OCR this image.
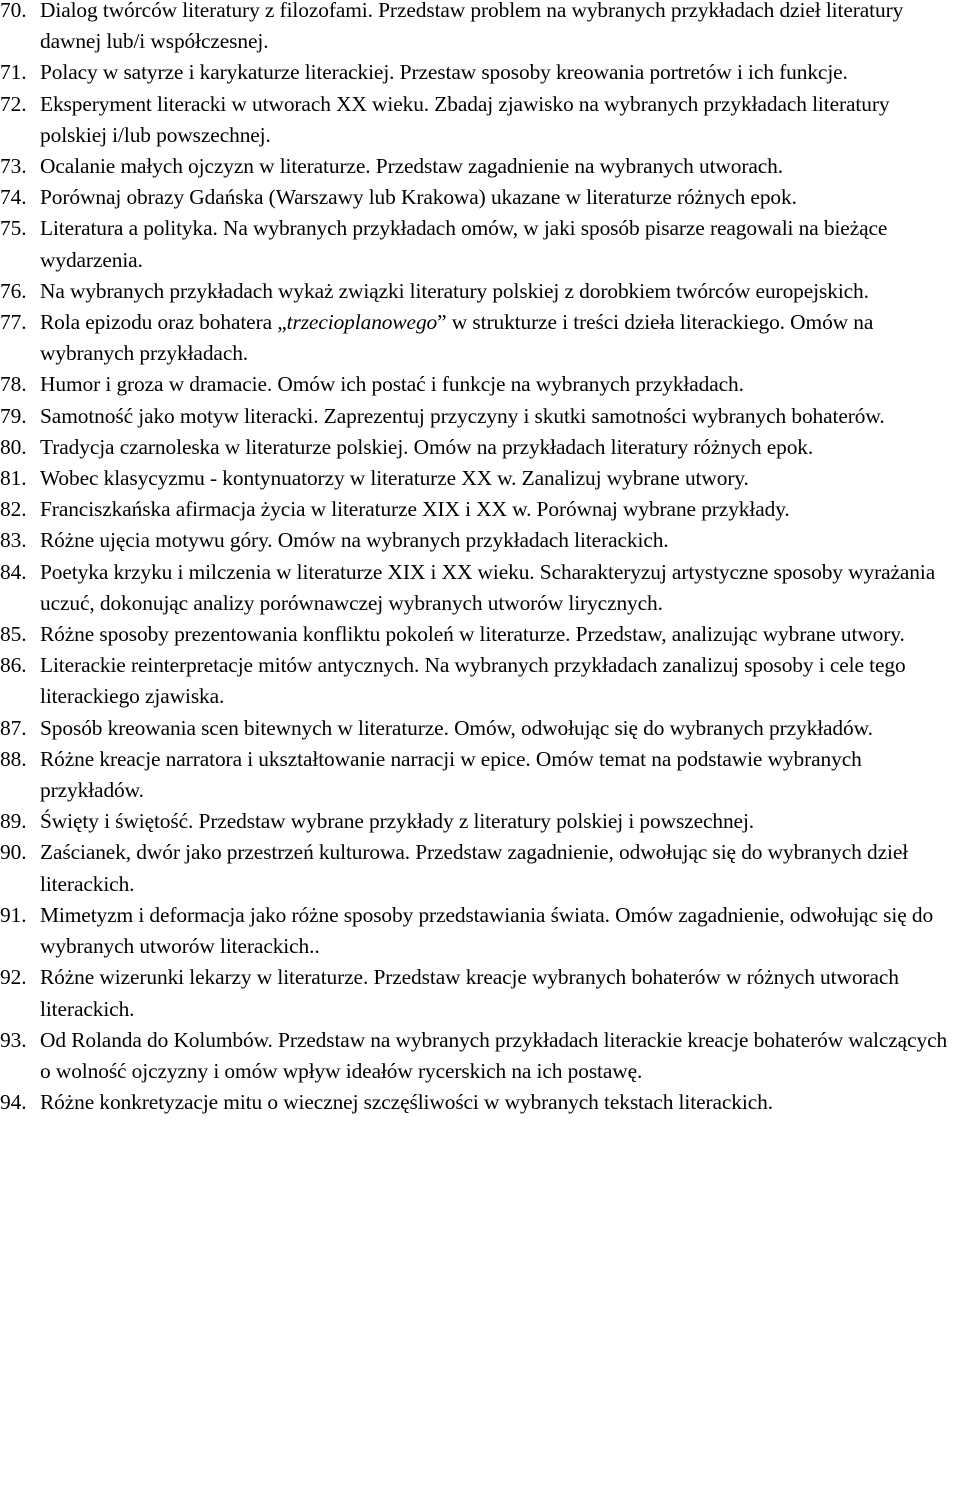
70. Dialog twórców literatury z filozofami. Przedstaw problem na wybranych przykładach dzieł literatury dawnej lub/i współczesnej.
71. Polacy w satyrze i karykaturze literackiej. Przestaw sposoby kreowania portretów i ich funkcje.
72. Eksperyment literacki w utworach XX wieku. Zbadaj zjawisko na wybranych przykładach literatury polskiej i/lub powszechnej.
73. Ocalanie małych ojczyzn w literaturze. Przedstaw zagadnienie na wybranych utworach.
74. Porównaj obrazy Gdańska (Warszawy lub Krakowa) ukazane w literaturze różnych epok.
75. Literatura a polityka. Na wybranych przykładach omów, w jaki sposób pisarze reagowali na bieżące wydarzenia.
76. Na wybranych przykładach wykaż związki literatury polskiej z dorobkiem twórców europejskich.
77. Rola epizodu oraz bohatera „trzecioplanowego” w strukturze i treści dzieła literackiego. Omów na wybranych przykładach.
78. Humor i groza w dramacie. Omów ich postać i funkcje na wybranych przykładach.
79. Samotność jako motyw literacki. Zaprezentuj przyczyny i skutki samotności wybranych bohaterów.
80. Tradycja czarnoleska w literaturze polskiej. Omów na przykładach literatury różnych epok.
81. Wobec klasycyzmu - kontynuatorzy w literaturze XX w. Zanalizuj wybrane utwory.
82. Franciszkańska afirmacja życia w literaturze XIX i XX w. Porównaj wybrane przykłady.
83. Różne ujęcia motywu góry. Omów na wybranych przykładach literackich.
84. Poetyka krzyku i milczenia w literaturze XIX i XX wieku. Scharakteryzuj artystyczne sposoby wyrażania uczuć, dokonując analizy porównawczej wybranych utworów lirycznych.
85. Różne sposoby prezentowania konfliktu pokoleń w literaturze. Przedstaw, analizując wybrane utwory.
86. Literackie reinterpretacje mitów antycznych. Na wybranych przykładach zanalizuj sposoby i cele tego literackiego zjawiska.
87. Sposób kreowania scen bitewnych w literaturze. Omów, odwołując się do wybranych przykładów.
88. Różne kreacje narratora i ukształtowanie narracji w epice. Omów temat na podstawie wybranych przykładów.
89. Święty i świętość. Przedstaw wybrane przykłady z literatury polskiej i powszechnej.
90. Zaścianek, dwór jako przestrzeń kulturowa. Przedstaw zagadnienie, odwołując się do wybranych dzieł literackich.
91. Mimetyzm i deformacja jako różne sposoby przedstawiania świata. Omów zagadnienie, odwołując się do wybranych utworów literackich..
92. Różne wizerunki lekarzy w literaturze. Przedstaw kreacje wybranych bohaterów w różnych utworach literackich.
93. Od Rolanda do Kolumbów. Przedstaw na wybranych przykładach literackie kreacje bohaterów walczących o wolność ojczyzny i omów wpływ ideałów rycerskich na ich postawę.
94. Różne konkretyzacje mitu o wiecznej szczęśliwości w wybranych tekstach literackich.
